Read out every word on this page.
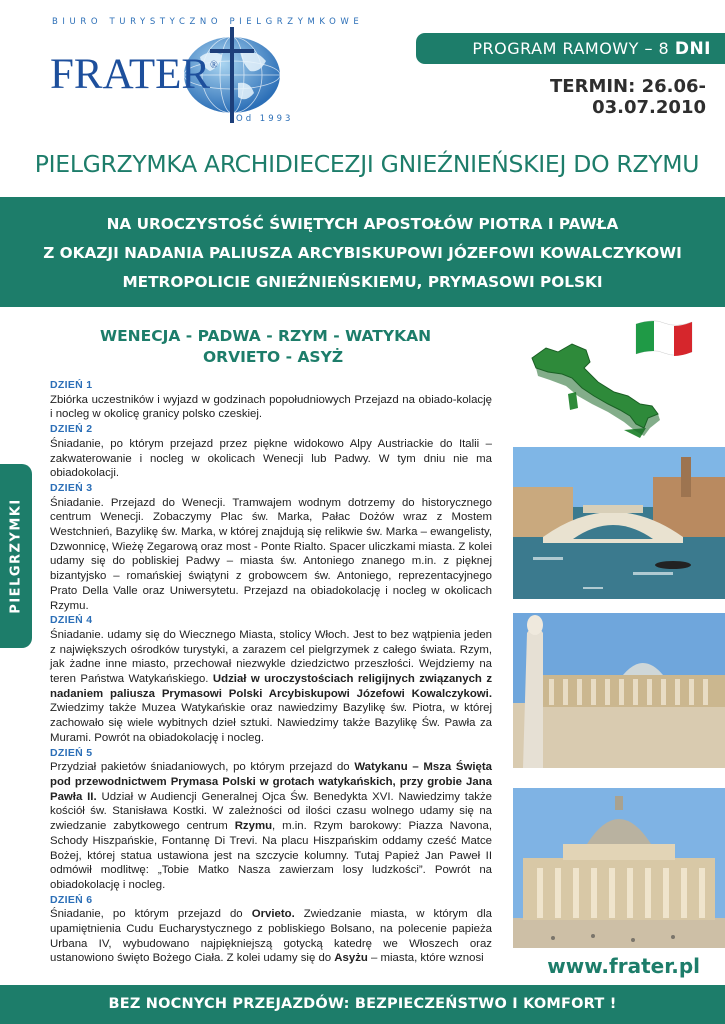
BIURO TURYSTYCZNO PIELGRZYMKOWE
FRATER®
Od 1993
PROGRAM RAMOWY – 8 DNI
TERMIN: 26.06-03.07.2010
PIELGRZYMKA ARCHIDIECEZJI GNIEŹNIEŃSKIEJ DO RZYMU
NA UROCZYSTOŚĆ ŚWIĘTYCH APOSTOŁÓW PIOTRA I PAWŁA
Z OKAZJI NADANIA PALIUSZA ARCYBISKUPOWI JÓZEFOWI KOWALCZYKOWI
METROPOLICIE GNIEŹNIEŃSKIEMU, PRYMASOWI POLSKI
PIELGRZYMKI
WENECJA - PADWA - RZYM - WATYKAN
ORVIETO - ASYŻ
DZIEŃ 1
Zbiórka uczestników i wyjazd w godzinach popołudniowych Przejazd na obiado-kolację i nocleg w okolicę granicy polsko czeskiej.
DZIEŃ 2
Śniadanie, po którym przejazd przez piękne widokowo Alpy Austriackie do Italii – zakwaterowanie i nocleg w okolicach Wenecji lub Padwy. W tym dniu nie ma obiadokolacji.
DZIEŃ 3
Śniadanie. Przejazd do Wenecji. Tramwajem wodnym dotrzemy do historycznego centrum Wenecji. Zobaczymy Plac św. Marka, Pałac Dożów wraz z Mostem Westchnień, Bazylikę św. Marka, w której znajdują się relikwie św. Marka – ewangelisty, Dzwonnicę, Wieżę Zegarową oraz most - Ponte Rialto. Spacer uliczkami miasta. Z kolei udamy się do pobliskiej Padwy – miasta św. Antoniego znanego m.in. z pięknej bizantyjsko – romańskiej świątyni z grobowcem św. Antoniego, reprezentacyjnego Prato Della Valle oraz Uniwersytetu. Przejazd na obiadokolację i nocleg w okolicach Rzymu.
DZIEŃ 4
Śniadanie. udamy się do Wiecznego Miasta, stolicy Włoch. Jest to bez wątpienia jeden z największych ośrodków turystyki, a zarazem cel pielgrzymek z całego świata. Rzym, jak żadne inne miasto, przechował niezwykle dziedzictwo przeszłości. Wejdziemy na teren Państwa Watykańskiego. Udział w uroczystościach religijnych związanych z nadaniem paliusza Prymasowi Polski Arcybiskupowi Józefowi Kowalczykowi. Zwiedzimy także Muzea Watykańskie oraz nawiedzimy Bazylikę św. Piotra, w której zachowało się wiele wybitnych dzieł sztuki. Nawiedzimy także Bazylikę Św. Pawła za Murami. Powrót na obiadokolację i nocleg.
DZIEŃ 5
Przydział pakietów śniadaniowych, po którym przejazd do Watykanu – Msza Święta pod przewodnictwem Prymasa Polski w grotach watykańskich, przy grobie Jana Pawła II. Udział w Audiencji Generalnej Ojca Św. Benedykta XVI. Nawiedzimy także kościół św. Stanisława Kostki. W zależności od ilości czasu wolnego udamy się na zwiedzanie zabytkowego centrum Rzymu, m.in. Rzym barokowy: Piazza Navona, Schody Hiszpańskie, Fontannę Di Trevi. Na placu Hiszpańskim oddamy cześć Matce Bożej, której statua ustawiona jest na szczycie kolumny. Tutaj Papież Jan Paweł II odmówił modlitwę: „Tobie Matko Nasza zawierzam losy ludzkości”. Powrót na obiadokolację i nocleg.
DZIEŃ 6
Śniadanie, po którym przejazd do Orvieto. Zwiedzanie miasta, w którym dla upamiętnienia Cudu Eucharystycznego z pobliskiego Bolsano, na polecenie papieża Urbana IV, wybudowano najpiękniejszą gotycką katedrę we Włoszech oraz ustanowiono święto Bożego Ciała. Z kolei udamy się do Asyżu – miasta, które wznosi	www.frater.pl
BEZ NOCNYCH PRZEJAZDÓW: BEZPIECZEŃSTWO I KOMFORT !
